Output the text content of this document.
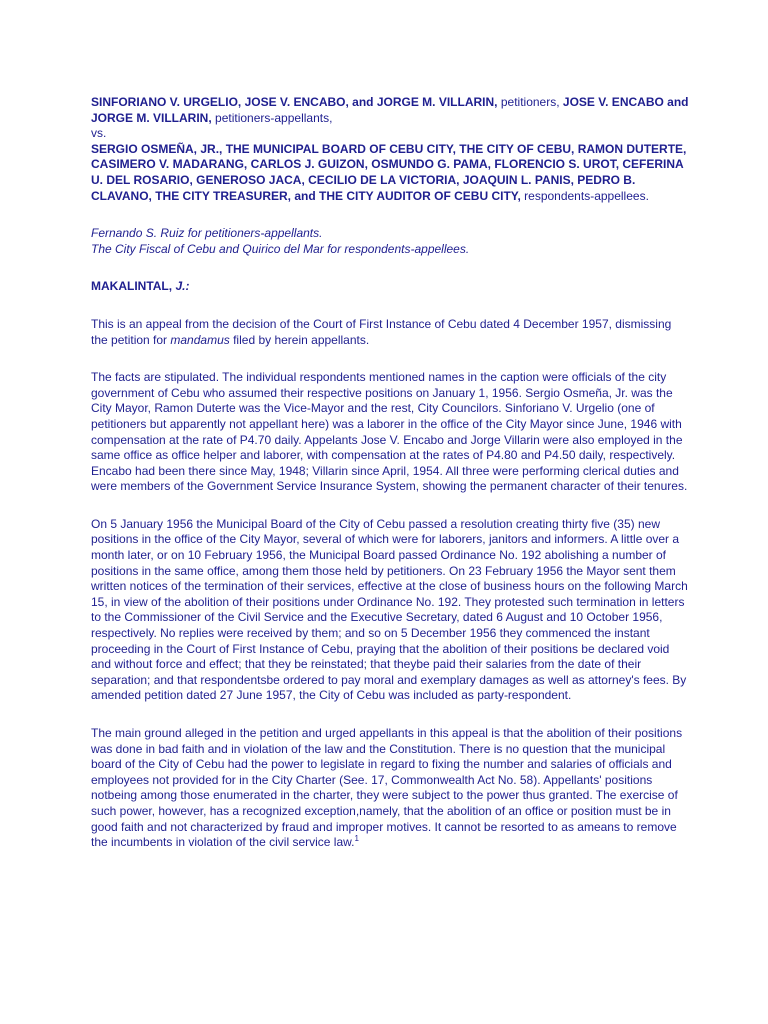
SINFORIANO V. URGELIO, JOSE V. ENCABO, and JORGE M. VILLARIN, petitioners, JOSE V. ENCABO and JORGE M. VILLARIN, petitioners-appellants,

vs.

SERGIO OSMEÑA, JR., THE MUNICIPAL BOARD OF CEBU CITY, THE CITY OF CEBU, RAMON DUTERTE, CASIMERO V. MADARANG, CARLOS J. GUIZON, OSMUNDO G. PAMA, FLORENCIO S. UROT, CEFERINA U. DEL ROSARIO, GENEROSO JACA, CECILIO DE LA VICTORIA, JOAQUIN L. PANIS, PEDRO B. CLAVANO, THE CITY TREASURER, and THE CITY AUDITOR OF CEBU CITY, respondents-appellees.

Fernando S. Ruiz for petitioners-appellants.

The City Fiscal of Cebu and Quirico del Mar for respondents-appellees.

MAKALINTAL, J.:

This is an appeal from the decision of the Court of First Instance of Cebu dated 4 December 1957, dismissing the petition for mandamus filed by herein appellants.

The facts are stipulated. The individual respondents mentioned names in the caption were officials of the city government of Cebu who assumed their respective positions on January 1, 1956. Sergio Osmeña, Jr. was the City Mayor, Ramon Duterte was the Vice-Mayor and the rest, City Councilors. Sinforiano V. Urgelio (one of petitioners but apparently not appellant here) was a laborer in the office of the City Mayor since June, 1946 with compensation at the rate of P4.70 daily. Appelants Jose V. Encabo and Jorge Villarin were also employed in the same office as office helper and laborer, with compensation at the rates of P4.80 and P4.50 daily, respectively. Encabo had been there since May, 1948; Villarin since April, 1954. All three were performing clerical duties and were members of the Government Service Insurance System, showing the permanent character of their tenures.

On 5 January 1956 the Municipal Board of the City of Cebu passed a resolution creating thirty five (35) new positions in the office of the City Mayor, several of which were for laborers, janitors and informers. A little over a month later, or on 10 February 1956, the Municipal Board passed Ordinance No. 192 abolishing a number of positions in the same office, among them those held by petitioners. On 23 February 1956 the Mayor sent them written notices of the termination of their services, effective at the close of business hours on the following March 15, in view of the abolition of their positions under Ordinance No. 192. They protested such termination in letters to the Commissioner of the Civil Service and the Executive Secretary, dated 6 August and 10 October 1956, respectively. No replies were received by them; and so on 5 December 1956 they commenced the instant proceeding in the Court of First Instance of Cebu, praying that the abolition of their positions be declared void and without force and effect; that they be reinstated; that theybe paid their salaries from the date of their separation; and that respondentsbe ordered to pay moral and exemplary damages as well as attorney's fees. By amended petition dated 27 June 1957, the City of Cebu was included as party-respondent.

The main ground alleged in the petition and urged appellants in this appeal is that the abolition of their positions was done in bad faith and in violation of the law and the Constitution. There is no question that the municipal board of the City of Cebu had the power to legislate in regard to fixing the number and salaries of officials and employees not provided for in the City Charter (See. 17, Commonwealth Act No. 58). Appellants' positions notbeing among those enumerated in the charter, they were subject to the power thus granted. The exercise of such power, however, has a recognized exception,namely, that the abolition of an office or position must be in good faith and not characterized by fraud and improper motives. It cannot be resorted to as ameans to remove the incumbents in violation of the civil service law.$^1$
